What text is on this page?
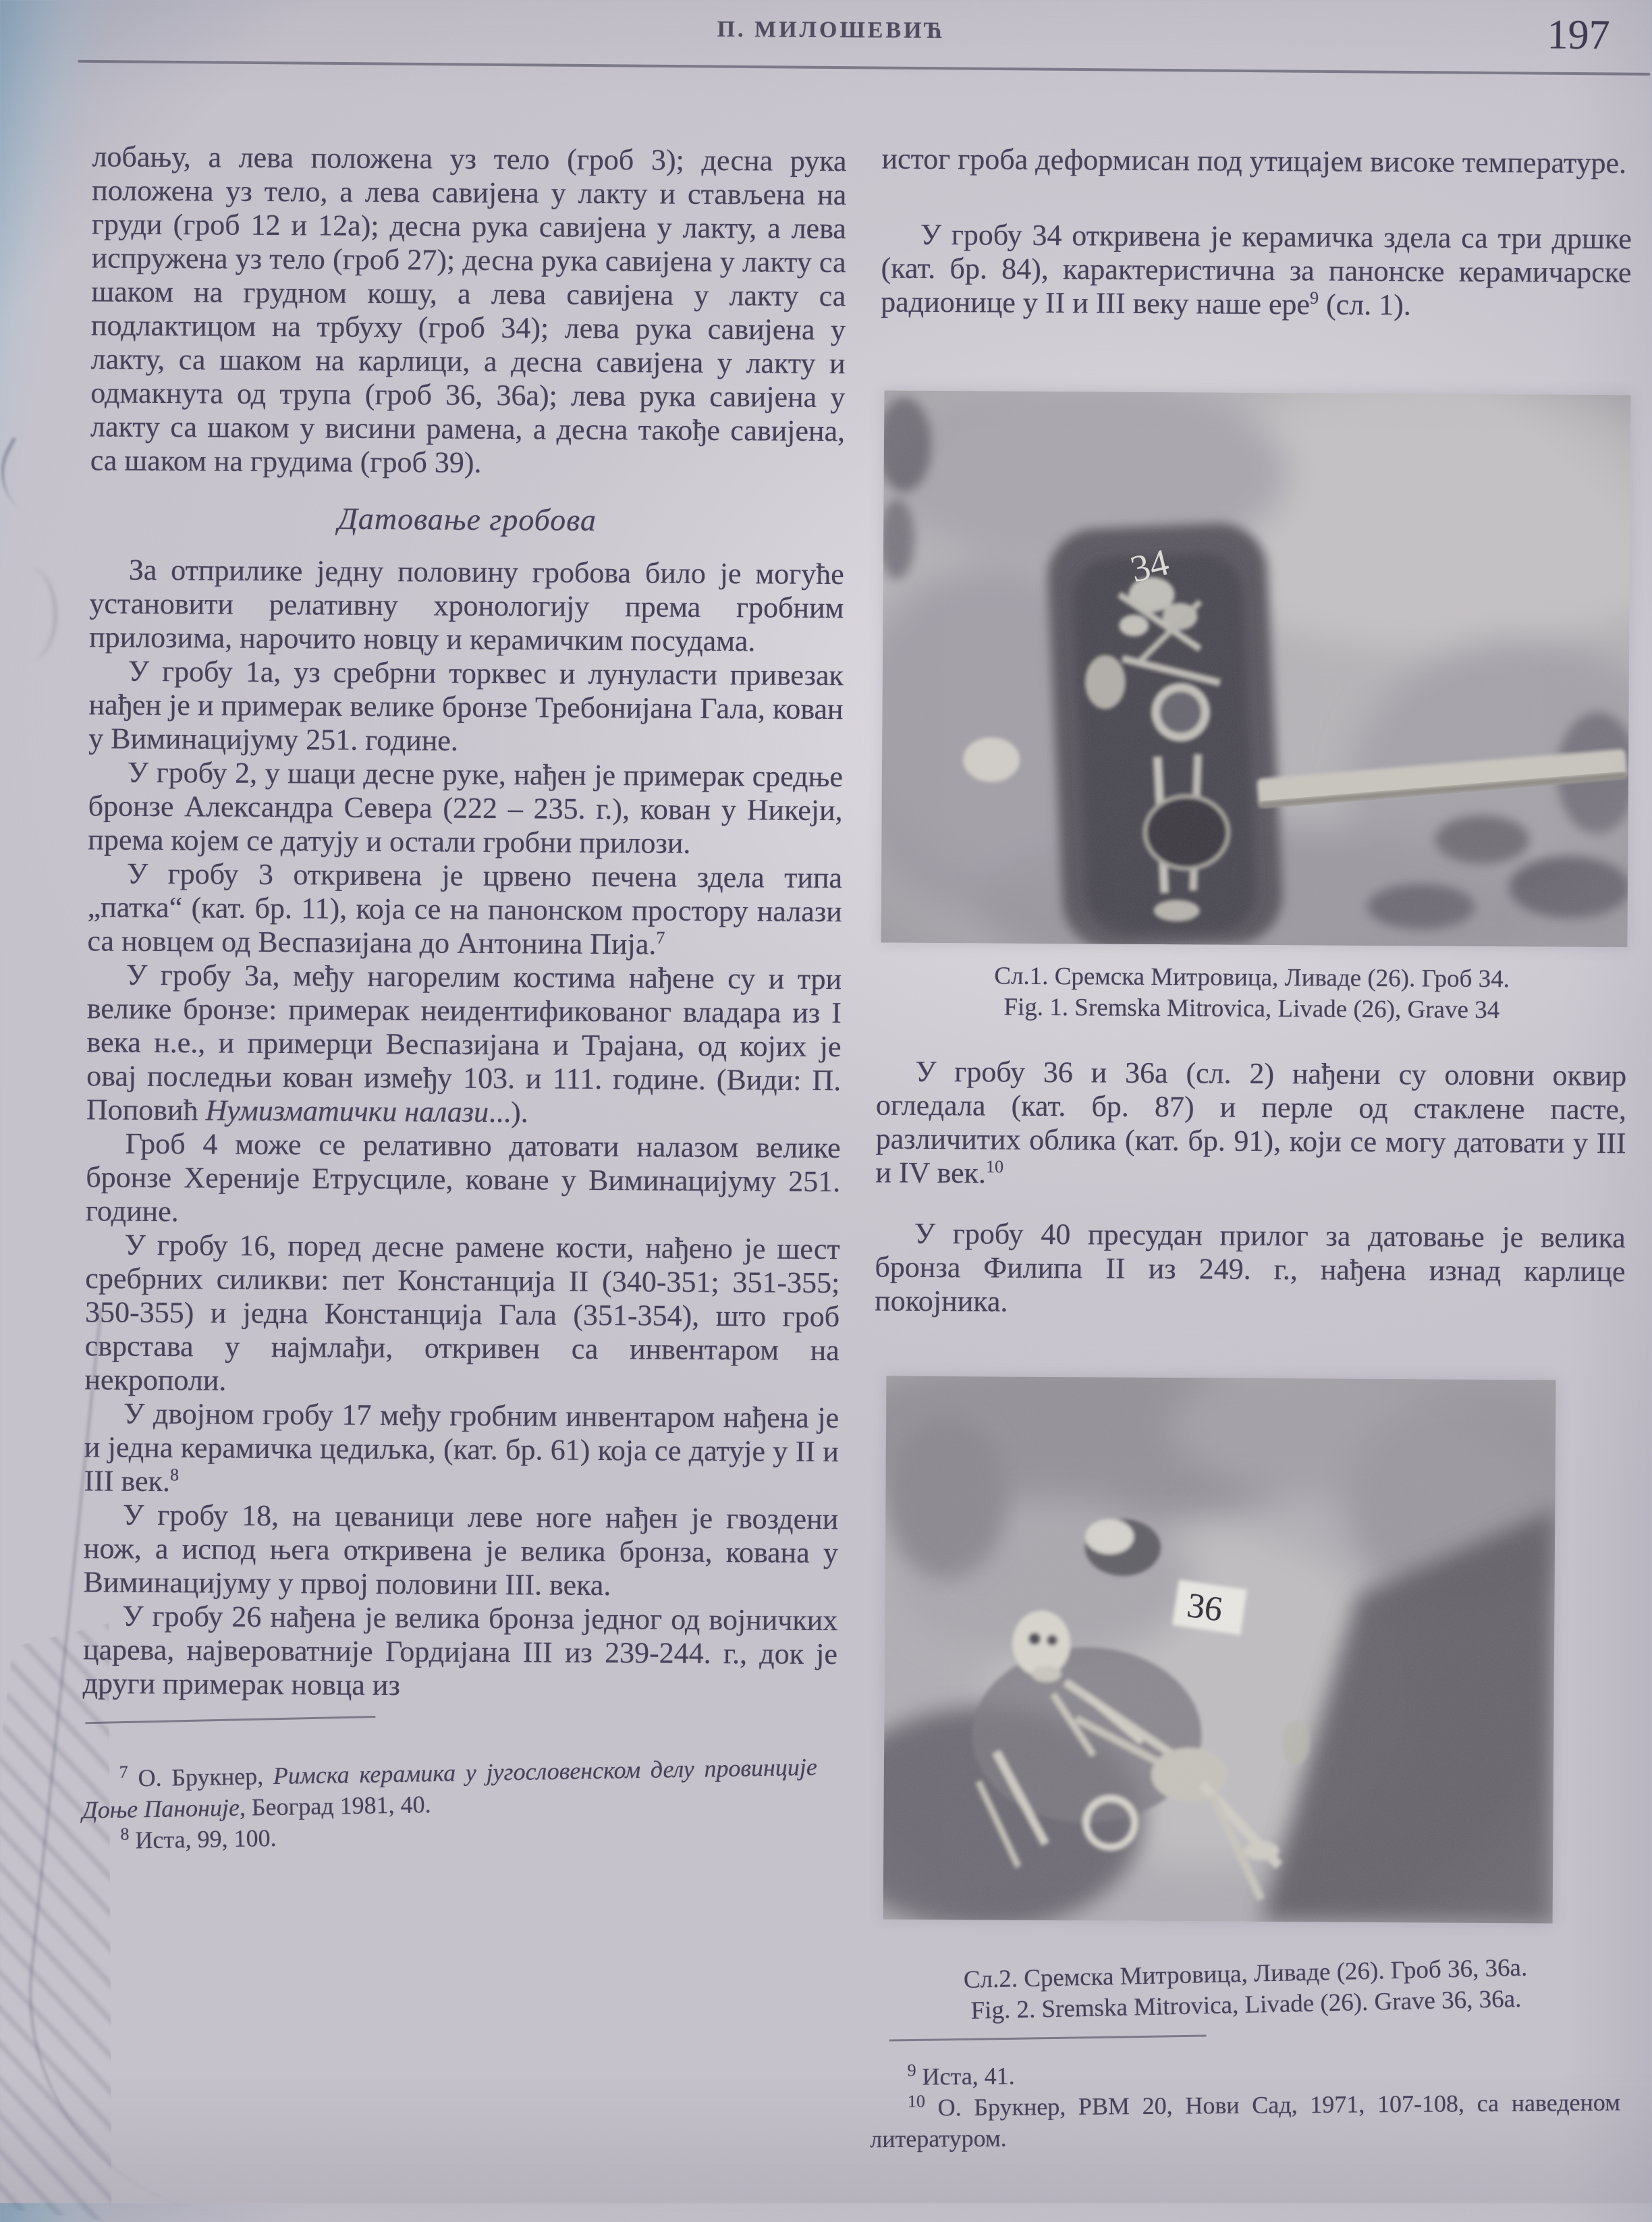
П. МИЛОШЕВИЋ	197

лобању, а лева положена уз тело (гроб 3); десна рука положена уз тело, а лева савијена у лакту и стављена на груди (гроб 12 и 12а); десна рука савијена у лакту, а лева испружена уз тело (гроб 27); десна рука савијена у лакту са шаком на грудном кошу, а лева савијена у лакту са подлактицом на трбуху (гроб 34); лева рука савијена у лакту, са шаком на карлици, а десна савијена у лакту и одмакнута од трупа (гроб 36, 36а); лева рука савијена у лакту са шаком у висини рамена, а десна такође савијена, са шаком на грудима (гроб 39).

Датовање гробова

За отприлике једну половину гробова било је могуће установити релативну хронологију према гробним прилозима, нарочито новцу и керамичким посудама.

У гробу 1а, уз сребрни торквес и лунуласти привезак нађен је и примерак велике бронзе Требонијана Гала, кован у Виминацијуму 251. године.

У гробу 2, у шаци десне руке, нађен је примерак средње бронзе Александра Севера (222 – 235. г.), кован у Никеји, према којем се датују и остали гробни прилози.

У гробу 3 откривена је црвено печена здела типа „патка“ (кат. бр. 11), која се на панонском простору налази са новцем од Веспазијана до Антонина Пија.$^7$

У гробу 3а, међу нагорелим костима нађене су и три велике бронзе: примерак неидентификованог владара из I века н.е., и примерци Веспазијана и Трајана, од којих је овај последњи кован између 103. и 111. године. (Види: П. Поповић Нумизматички налази...).

Гроб 4 може се релативно датовати налазом велике бронзе Хереније Етрусциле, коване у Виминацијуму 251. године.

У гробу 16, поред десне рамене кости, нађено је шест сребрних силикви: пет Констанција II (340-351; 351-355; 350-355) и једна Констанција Гала (351-354), што гроб сврстава у најмлађи, откривен са инвентаром на некрополи.

У двојном гробу 17 међу гробним инвентаром нађена је и једна керамичка цедиљка, (кат. бр. 61) која се датује у II и III век.$^8$

У гробу 18, на цеваници леве ноге нађен је гвоздени нож, а испод њега откривена је велика бронза, кована у Виминацијуму у првој половини III. века.

У гробу 26 нађена је велика бронза једног од војничких царева, највероватније Гордијана III из 239-244. г., док је други примерак новца из

$^7$ О. Брукнер, Римска керамика у југословенском делу провинције Доње Паноније, Београд 1981, 40.

$^8$ Иста, 99, 100.

истог гроба деформисан под утицајем високе температуре.

У гробу 34 откривена је керамичка здела са три дршке (кат. бр. 84), карактеристична за панонске керамичарске радионице у II и III веку наше ере$^9$ (сл. 1).

Сл.1. Сремска Митровица, Ливаде (26). Гроб 34.
Fig. 1. Sremska Mitrovica, Livade (26), Grave 34

У гробу 36 и 36а (сл. 2) нађени су оловни оквир огледала (кат. бр. 87) и перле од стаклене пасте, различитих облика (кат. бр. 91), који се могу датовати у III и IV век.$^{10}$

У гробу 40 пресудан прилог за датовање је велика бронза Филипа II из 249. г., нађена изнад карлице покојника.

Сл.2. Сремска Митровица, Ливаде (26). Гроб 36, 36а.
Fig. 2. Sremska Mitrovica, Livade (26). Grave 36, 36a.

$^9$ Иста, 41.

$^{10}$ О. Брукнер, РВМ 20, Нови Сад, 1971, 107-108, са наведеном литературом.
